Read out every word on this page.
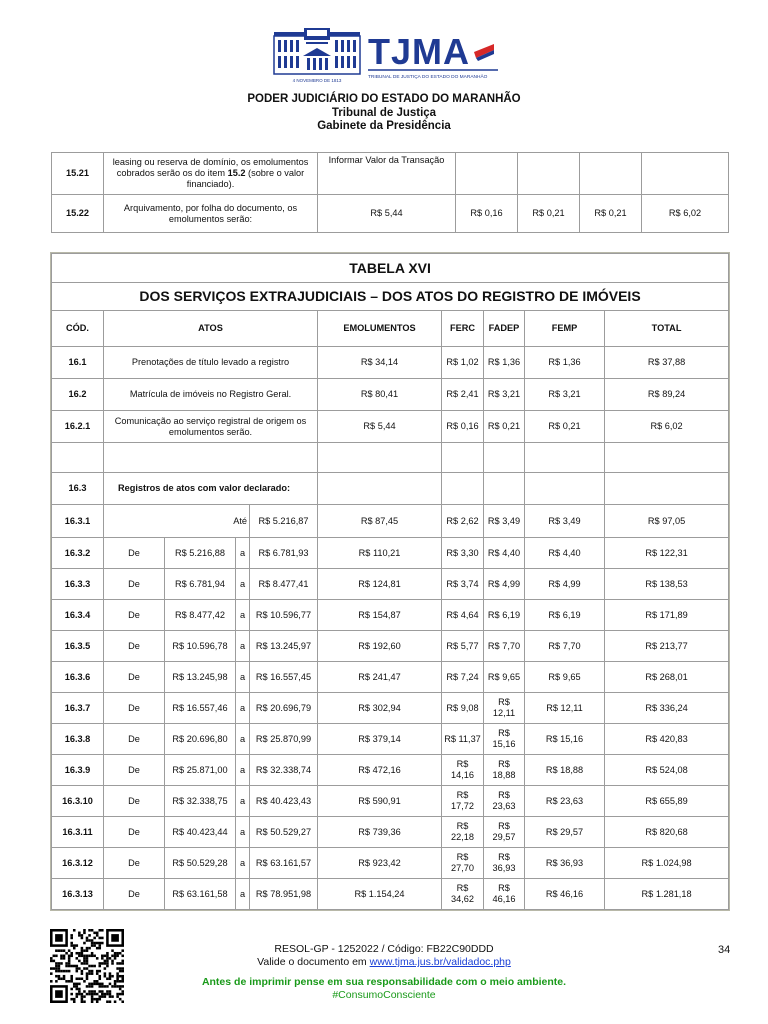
4 NOVEMBRO DE 1813
TJMA
TRIBUNAL DE JUSTIÇA DO ESTADO DO MARANHÃO
PODER JUDICIÁRIO DO ESTADO DO MARANHÃO
Tribunal de Justiça
Gabinete da Presidência
15.21	leasing ou reserva de domínio, os emolumentos cobrados serão os do item 15.2 (sobre o valor financiado).	Informar Valor da Transação				
15.22	Arquivamento, por folha do documento, os emolumentos serão:	R$ 5,44	R$ 0,16	R$ 0,21	R$ 0,21	R$ 6,02
TABELA XVI									
DOS SERVIÇOS EXTRAJUDICIAIS – DOS ATOS DO REGISTRO DE IMÓVEIS									
CÓD.	ATOS				EMOLUMENTOS	FERC	FADEP	FEMP	TOTAL
16.1	Prenotações de título levado a registro				R$ 34,14	R$ 1,02	R$ 1,36	R$ 1,36	R$ 37,88
16.2	Matrícula de imóveis no Registro Geral.				R$ 80,41	R$ 2,41	R$ 3,21	R$ 3,21	R$ 89,24
16.2.1	Comunicação ao serviço registral de origem os emolumentos serão.				R$ 5,44	R$ 0,16	R$ 0,21	R$ 0,21	R$ 6,02

16.3	Registros de atos com valor declarado:								
16.3.1	Até			R$ 5.216,87	R$ 87,45	R$ 2,62	R$ 3,49	R$ 3,49	R$ 97,05
16.3.2	De	R$ 5.216,88	a	R$ 6.781,93	R$ 110,21	R$ 3,30	R$ 4,40	R$ 4,40	R$ 122,31
16.3.3	De	R$ 6.781,94	a	R$ 8.477,41	R$ 124,81	R$ 3,74	R$ 4,99	R$ 4,99	R$ 138,53
16.3.4	De	R$ 8.477,42	a	R$ 10.596,77	R$ 154,87	R$ 4,64	R$ 6,19	R$ 6,19	R$ 171,89
16.3.5	De	R$ 10.596,78	a	R$ 13.245,97	R$ 192,60	R$ 5,77	R$ 7,70	R$ 7,70	R$ 213,77
16.3.6	De	R$ 13.245,98	a	R$ 16.557,45	R$ 241,47	R$ 7,24	R$ 9,65	R$ 9,65	R$ 268,01
16.3.7	De	R$ 16.557,46	a	R$ 20.696,79	R$ 302,94	R$ 9,08	R$ 12,11	R$ 12,11	R$ 336,24
16.3.8	De	R$ 20.696,80	a	R$ 25.870,99	R$ 379,14	R$ 11,37	R$ 15,16	R$ 15,16	R$ 420,83
16.3.9	De	R$ 25.871,00	a	R$ 32.338,74	R$ 472,16	R$ 14,16	R$ 18,88	R$ 18,88	R$ 524,08
16.3.10	De	R$ 32.338,75	a	R$ 40.423,43	R$ 590,91	R$ 17,72	R$ 23,63	R$ 23,63	R$ 655,89
16.3.11	De	R$ 40.423,44	a	R$ 50.529,27	R$ 739,36	R$ 22,18	R$ 29,57	R$ 29,57	R$ 820,68
16.3.12	De	R$ 50.529,28	a	R$ 63.161,57	R$ 923,42	R$ 27,70	R$ 36,93	R$ 36,93	R$ 1.024,98
16.3.13	De	R$ 63.161,58	a	R$ 78.951,98	R$ 1.154,24	R$ 34,62	R$ 46,16	R$ 46,16	R$ 1.281,18
RESOL-GP - 1252022 / Código: FB22C90DDD
Valide o documento em www.tjma.jus.br/validadoc.php
Antes de imprimir pense em sua responsabilidade com o meio ambiente.
#ConsumoConsciente
34
